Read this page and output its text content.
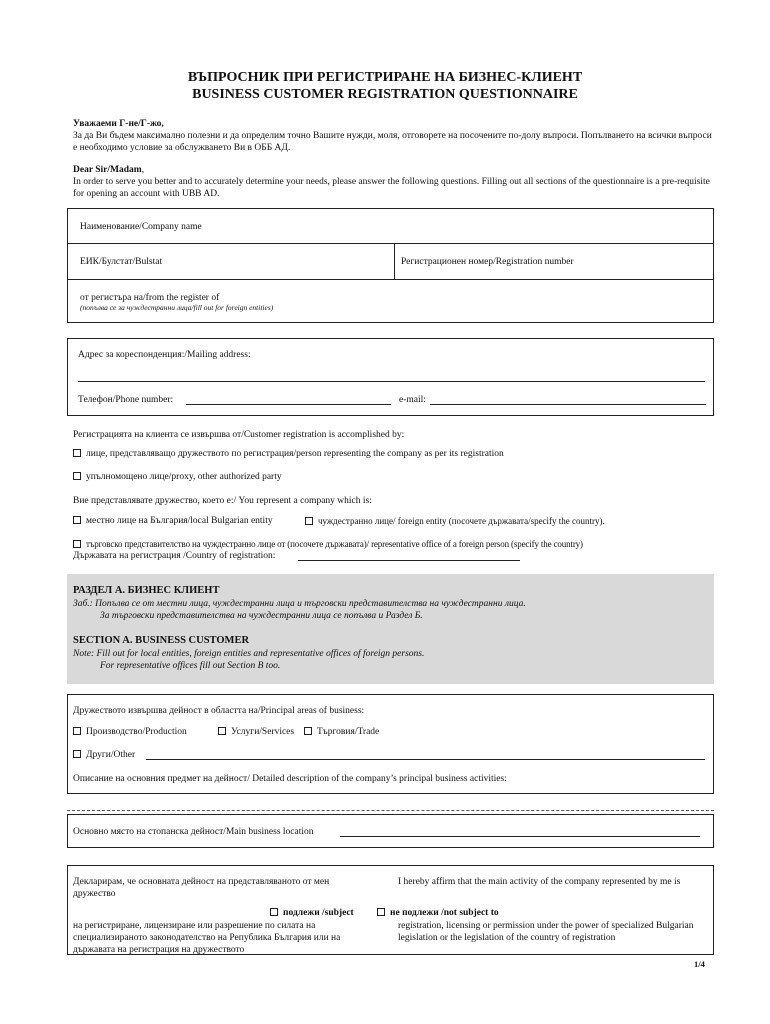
ВЪПРОСНИК ПРИ РЕГИСТРИРАНЕ НА БИЗНЕС-КЛИЕНТ
BUSINESS CUSTOMER REGISTRATION QUESTIONNAIRE
Уважаеми Г-не/Г-жо,
За да Ви бъдем максимално полезни и да определим точно Вашите нужди, моля, отговорете на посочените по-долу въпроси. Попълването на всички въпроси е необходимо условие за обслужването Ви в ОББ АД.
Dear Sir/Madam,
In order to serve you better and to accurately determine your needs, please answer the following questions. Filling out all sections of the questionnaire is a pre-requisite for opening an account with UBB AD.
Наименование/Company name
ЕИК/Булстат/Bulstat	Регистрационен номер/Registration number
от регистъра на/from the register of
(попълва се за чуждестранни лица/fill out for foreign entities)
Адрес за кореспонденция:/Mailing address:
Телефон/Phone number:	e-mail:
Регистрацията на клиента се извършва от/Customer registration is accomplished by:
лице, представляващо дружеството по регистрация/person representing the company as per its registration
упълномощено лице/proxy, other authorized party
Вие представлявате дружество, което е:/ You represent a company which is:
местно лице на България/local Bulgarian entity	чуждестранно лице/ foreign entity (посочете държавата/specify the country).
търговско представителство на чуждестранно лице от (посочете държавата)/ representative office of a foreign person (specify the country)
Държавата на регистрация /Country of registration:
РАЗДЕЛ А. БИЗНЕС КЛИЕНТ
Заб.: Попълва се от местни лица, чуждестранни лица и търговски представителства на чуждестранни лица.
За търговски представителства на чуждестранни лица се попълва и Раздел Б.
SECTION A. BUSINESS CUSTOMER
Note: Fill out for local entities, foreign entities and representative offices of foreign persons.
For representative offices fill out Section B too.
Дружеството извършва дейност в областта на/Principal areas of business:
Производство/Production	Услуги/Services	Търговия/Trade
Други/Other
Описание на основния предмет на дейност/ Detailed description of the company’s principal business activities:
Основно място на стопанска дейност/Main business location
Декларирам, че основната дейност на представляваното от мен дружество
I hereby affirm that the main activity of the company represented by me is
подлежи /subject	не подлежи /not subject to
на регистриране, лицензиране или разрешение по силата на специализираното законодателство на Република България или на държавата на регистрация на дружеството
registration, licensing or permission under the power of specialized Bulgarian legislation or the legislation of the country of registration
1/4
